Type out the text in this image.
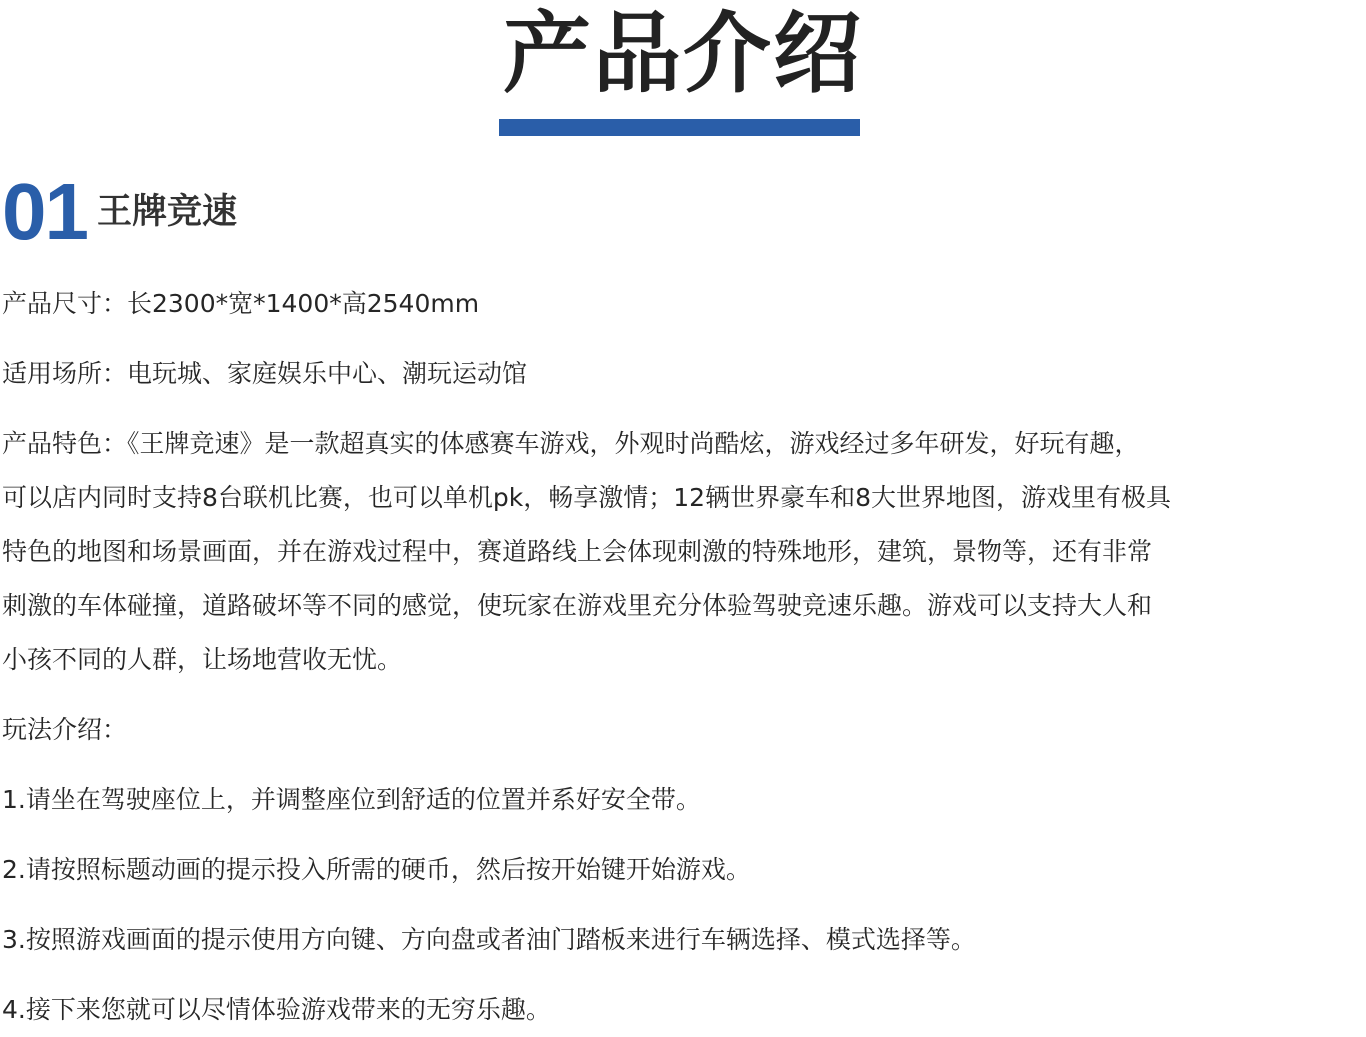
产品介绍
01 王牌竞速

产品尺寸：长2300*宽*1400*高2540mm

适用场所：电玩城、家庭娱乐中心、潮玩运动馆

产品特色：《王牌竞速》是一款超真实的体感赛车游戏，外观时尚酷炫，游戏经过多年研发，好玩有趣，
可以店内同时支持8台联机比赛，也可以单机pk，畅享激情；12辆世界豪车和8大世界地图，游戏里有极具
特色的地图和场景画面，并在游戏过程中，赛道路线上会体现刺激的特殊地形，建筑，景物等，还有非常
刺激的车体碰撞，道路破坏等不同的感觉，使玩家在游戏里充分体验驾驶竞速乐趣。游戏可以支持大人和
小孩不同的人群，让场地营收无忧。

玩法介绍：

1.请坐在驾驶座位上，并调整座位到舒适的位置并系好安全带。

2.请按照标题动画的提示投入所需的硬币，然后按开始键开始游戏。

3.按照游戏画面的提示使用方向键、方向盘或者油门踏板来进行车辆选择、模式选择等。

4.接下来您就可以尽情体验游戏带来的无穷乐趣。
